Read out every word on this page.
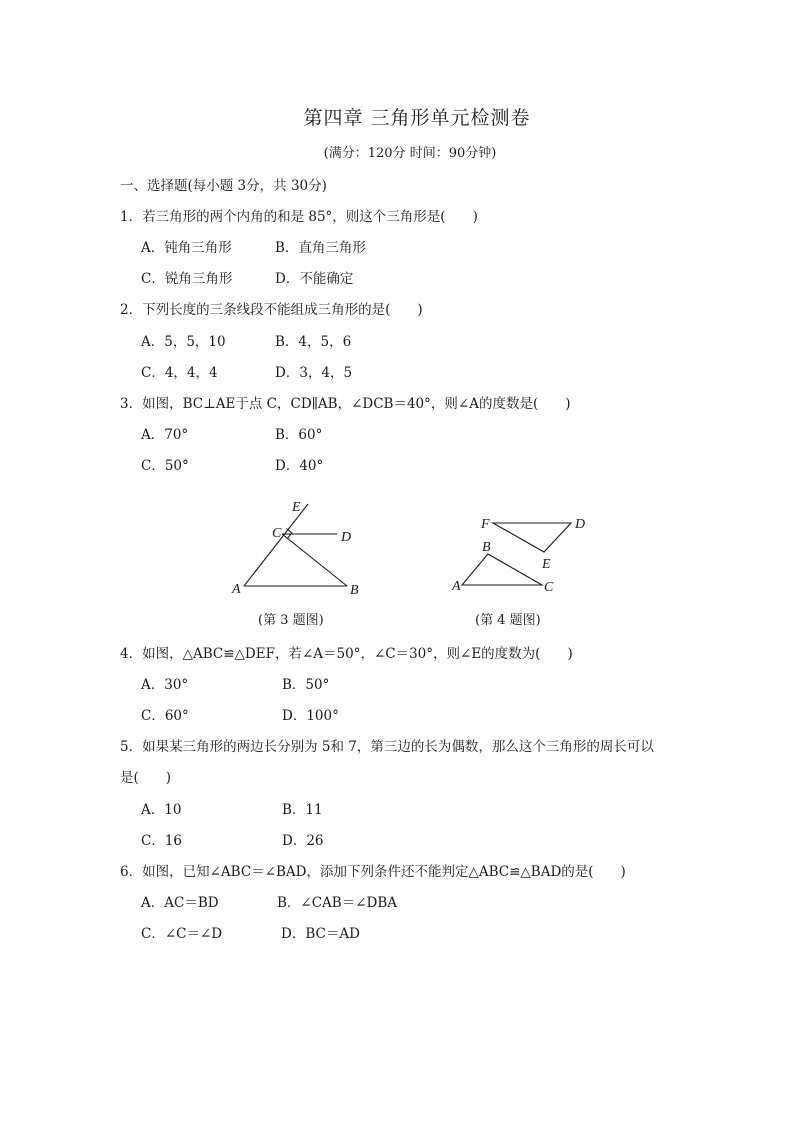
第四章 三角形单元检测卷
(满分：120分 时间：90分钟)
一、选择题(每小题 3分，共 30分)
1．若三角形的两个内角的和是 85°，则这个三角形是(　　)
A．钝角三角形	B．直角三角形
C．锐角三角形	D．不能确定
2．下列长度的三条线段不能组成三角形的是(　　)
A．5，5，10	B．4，5，6
C．4，4，4	D．3，4，5
3．如图，BC⊥AE于点 C，CD∥AB，∠DCB＝40°，则∠A的度数是(　　)
A．70°	B．60°
C．50°	D．40°
E
C	D
A	B
(第 3 题图)
F	D
E
B
A	C
(第 4 题图)
4．如图，△ABC≌△DEF，若∠A＝50°，∠C＝30°，则∠E的度数为(　　)
A．30°	B．50°
C．60°	D．100°
5．如果某三角形的两边长分别为 5和 7，第三边的长为偶数，那么这个三角形的周长可以
是(　　)
A．10	B．11
C．16	D．26
6．如图，已知∠ABC＝∠BAD，添加下列条件还不能判定△ABC≌△BAD的是(　　)
A．AC＝BD	B．∠CAB＝∠DBA
C．∠C＝∠D	D．BC＝AD
